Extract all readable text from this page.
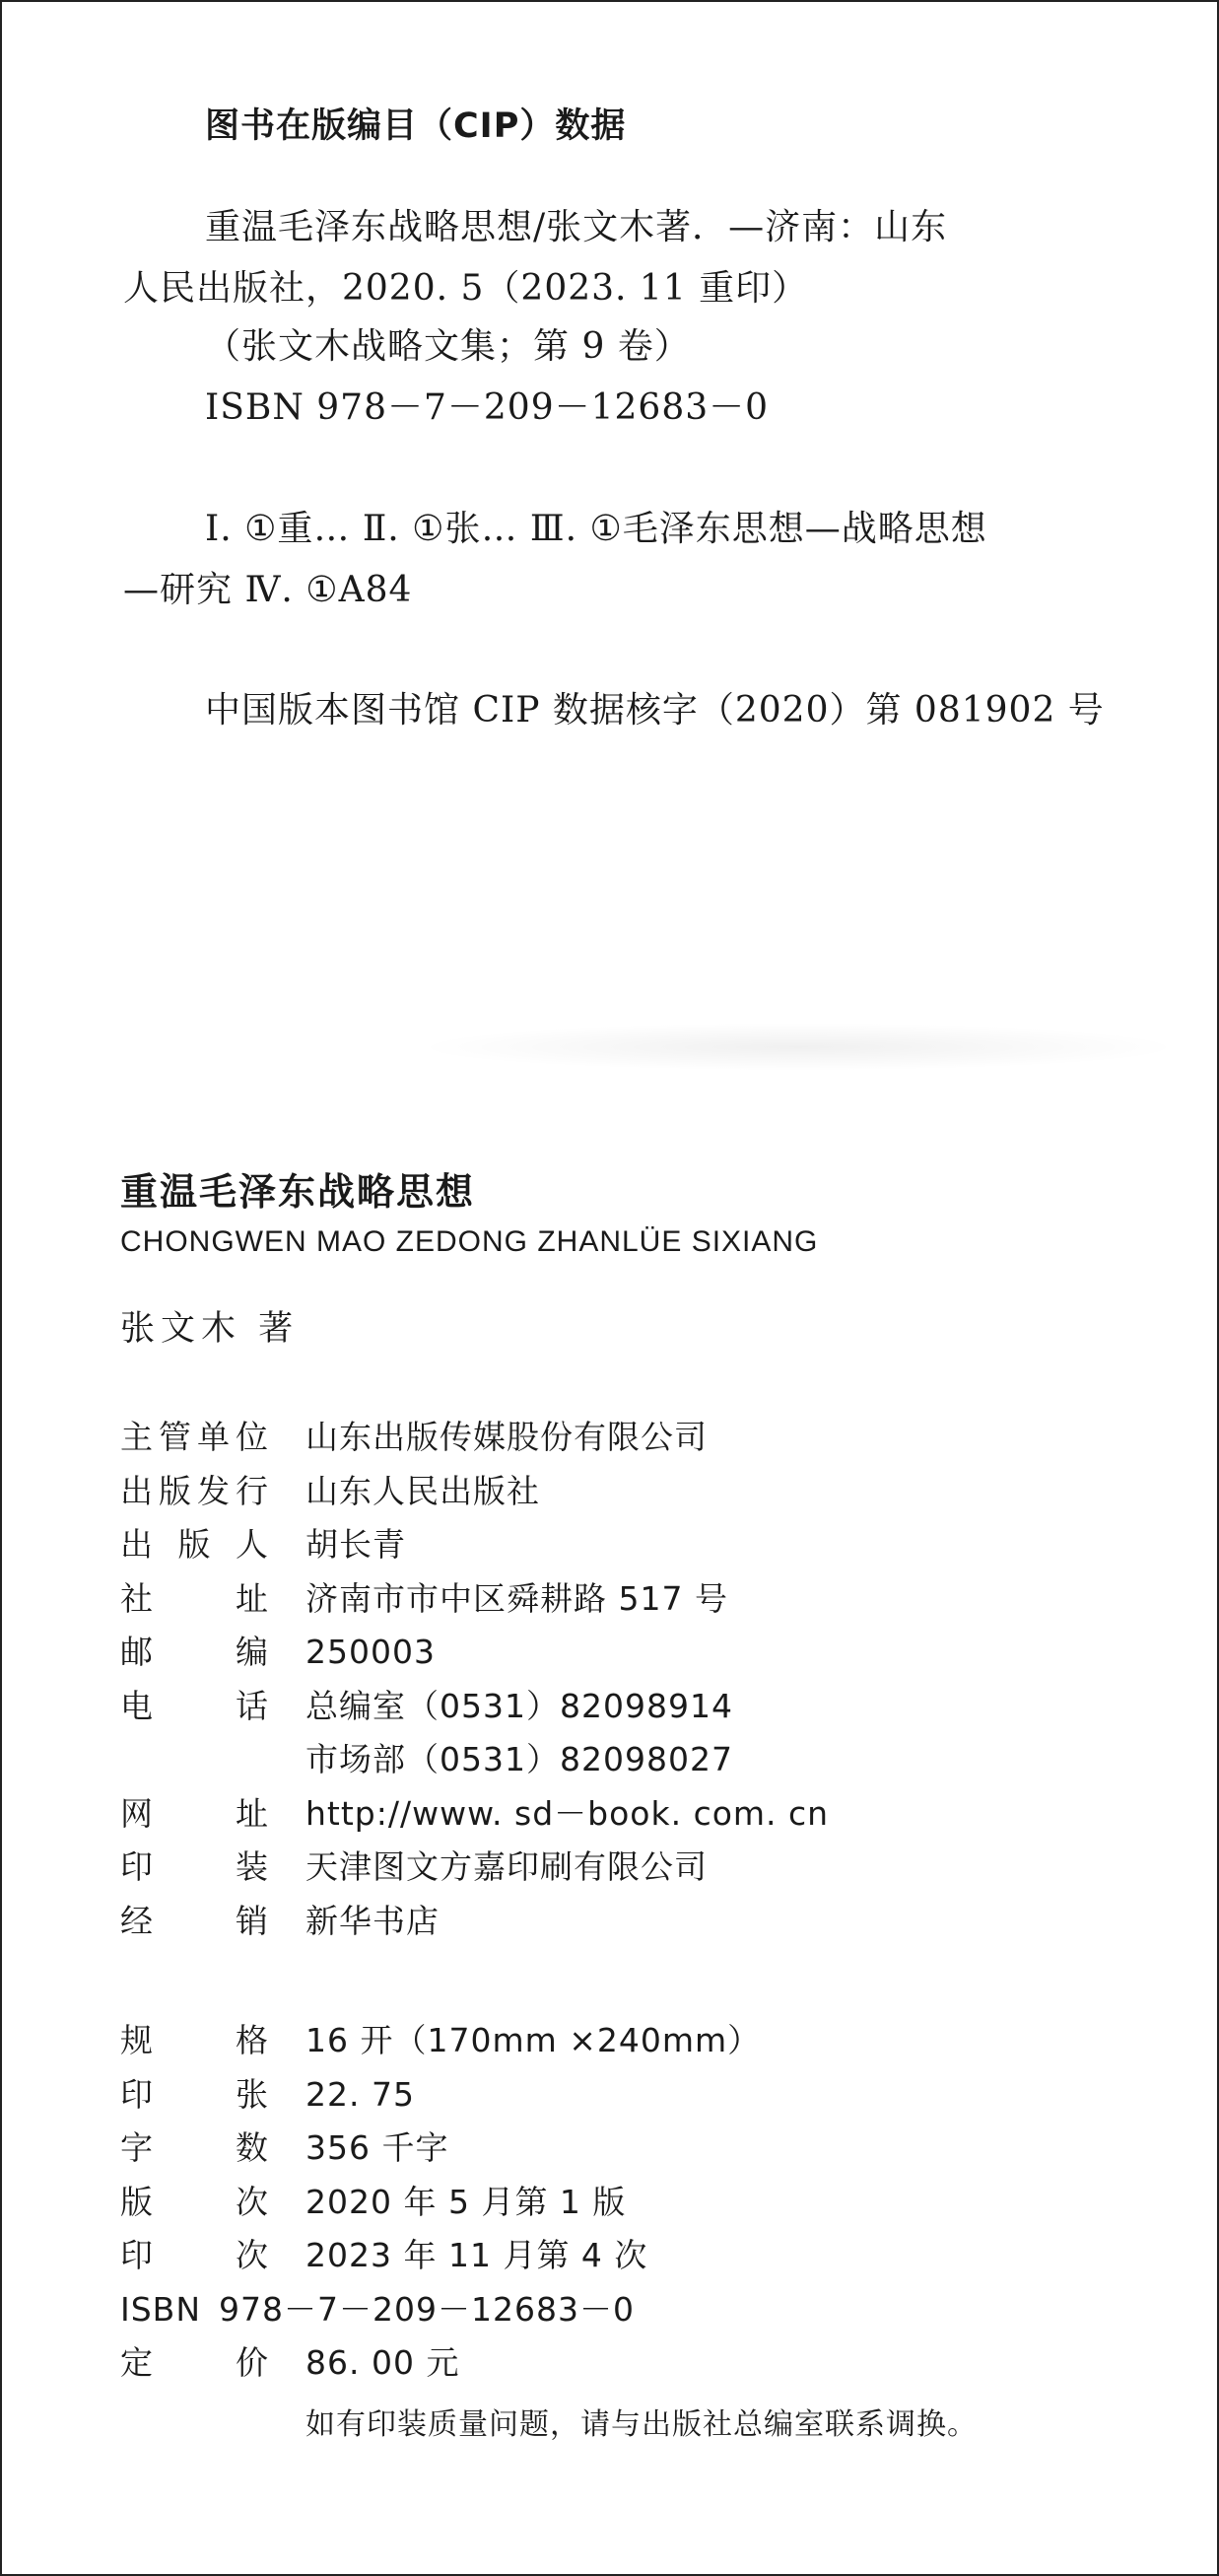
图书在版编目（CIP）数据
重温毛泽东战略思想/张文木著．—济南：山东
人民出版社，2020. 5（2023. 11 重印）
（张文木战略文集；第 9 卷）
ISBN 978－7－209－12683－0
Ⅰ. ①重… Ⅱ. ①张… Ⅲ. ①毛泽东思想—战略思想
—研究 Ⅳ. ①A84
中国版本图书馆 CIP 数据核字（2020）第 081902 号
重温毛泽东战略思想
CHONGWEN MAO ZEDONG ZHANLÜE SIXIANG
张文木 著
主 管 单 位 山东出版传媒股份有限公司
出 版 发 行 山东人民出版社
出 版 人 胡长青
社	址 济南市市中区舜耕路 517 号
邮	编 250003
电	话 总编室（0531）82098914
市场部（0531）82098027
网	址 http://www. sd－book. com. cn
印	装 天津图文方嘉印刷有限公司
经	销 新华书店
规	格 16 开（170mm ×240mm）
印	张 22. 75
字	数 356 千字
版	次 2020 年 5 月第 1 版
印	次 2023 年 11 月第 4 次
ISBN 978－7－209－12683－0
定	价 86. 00 元
如有印装质量问题，请与出版社总编室联系调换。
